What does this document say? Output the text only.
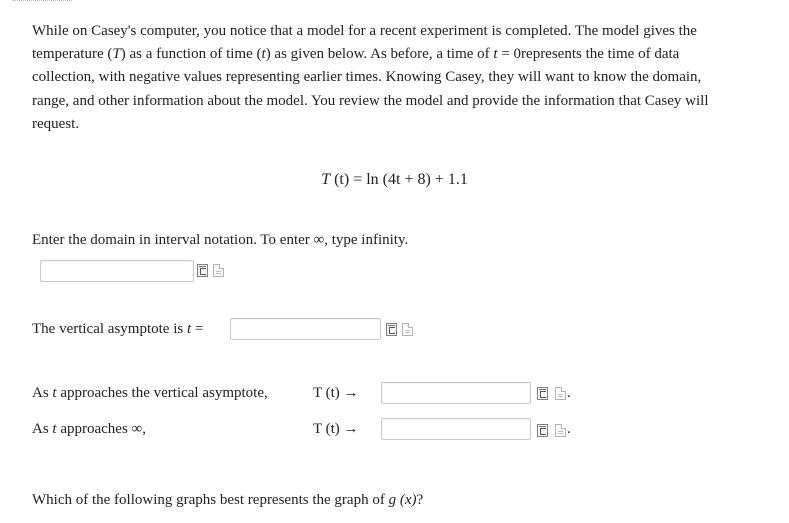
While on Casey's computer, you notice that a model for a recent experiment is completed. The model gives the temperature (T) as a function of time (t) as given below. As before, a time of t = 0represents the time of data collection, with negative values representing earlier times. Knowing Casey, they will want to know the domain, range, and other information about the model. You review the model and provide the information that Casey will request.
T (t) = ln (4t + 8) + 1.1
Enter the domain in interval notation. To enter ∞, type infinity.
The vertical asymptote is t =
As t approaches the vertical asymptote,	T (t) →	.
As t approaches ∞,	T (t) →	.
Which of the following graphs best represents the graph of g (x)?
